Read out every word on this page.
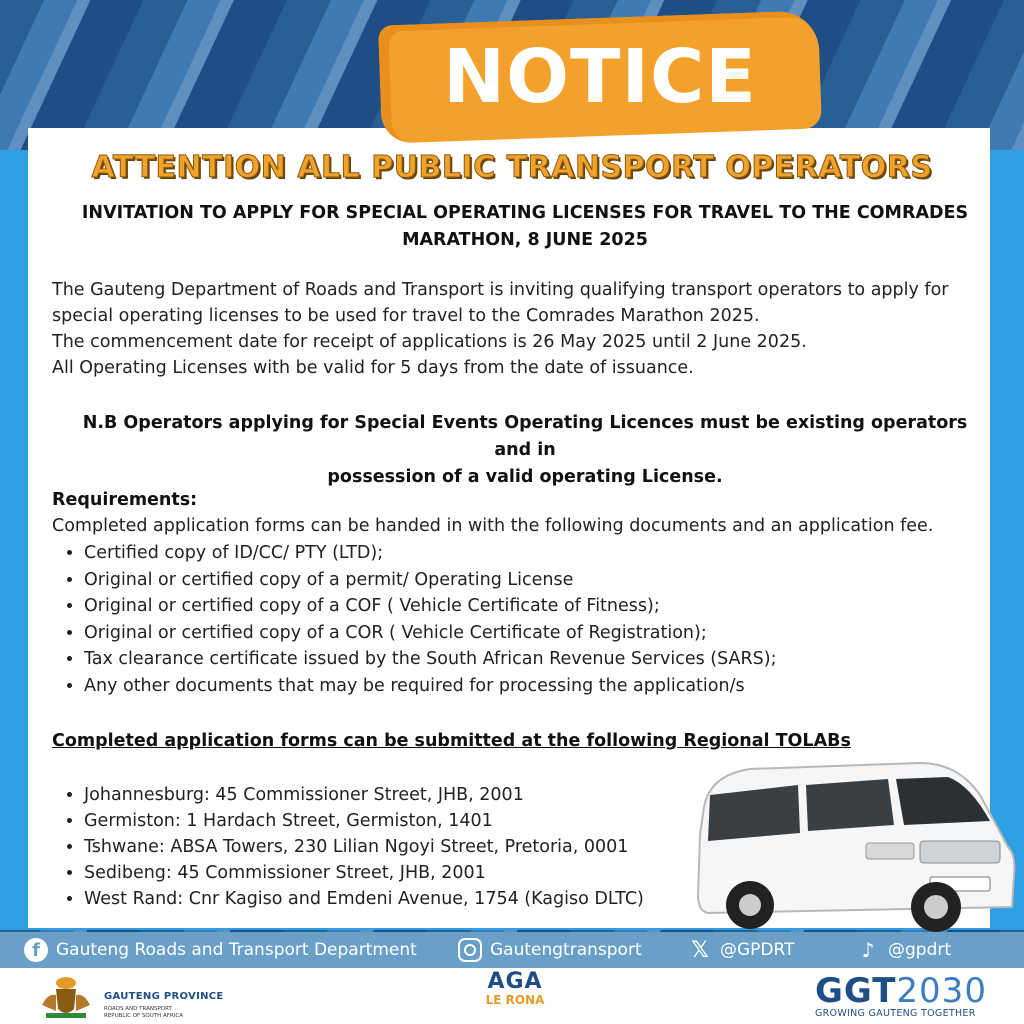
NOTICE
ATTENTION ALL PUBLIC TRANSPORT OPERATORS
INVITATION TO APPLY FOR SPECIAL OPERATING LICENSES FOR TRAVEL TO THE COMRADES
MARATHON, 8 JUNE 2025
The Gauteng Department of Roads and Transport is inviting qualifying transport operators to apply for
special operating licenses to be used for travel to the Comrades Marathon 2025.
The commencement date for receipt of applications is 26 May 2025 until 2 June 2025.
All Operating Licenses with be valid for 5 days from the date of issuance.
N.B Operators applying for Special Events Operating Licences must be existing operators and in
possession of a valid operating License.
Requirements:
Completed application forms can be handed in with the following documents and an application fee.
• Certified copy of ID/CC/ PTY (LTD);
• Original or certified copy of a permit/ Operating License
• Original or certified copy of a COF ( Vehicle Certificate of Fitness);
• Original or certified copy of a COR ( Vehicle Certificate of Registration);
• Tax clearance certificate issued by the South African Revenue Services (SARS);
• Any other documents that may be required for processing the application/s
Completed application forms can be submitted at the following Regional TOLABs
• Johannesburg: 45 Commissioner Street, JHB, 2001
• Germiston: 1 Hardach Street, Germiston, 1401
• Tshwane: ABSA Towers, 230 Lilian Ngoyi Street, Pretoria, 0001
• Sedibeng: 45 Commissioner Street, JHB, 2001
• West Rand: Cnr Kagiso and Emdeni Avenue, 1754 (Kagiso DLTC)
f Gauteng Roads and Transport Department	Gautengtransport 𝕏 @GPDRT	♪ @gpdrt
GAUTENG PROVINCE
ROADS AND TRANSPORT
REPUBLIC OF SOUTH AFRICA
AGA
LE RONA	GGT2030
GROWING GAUTENG TOGETHER
